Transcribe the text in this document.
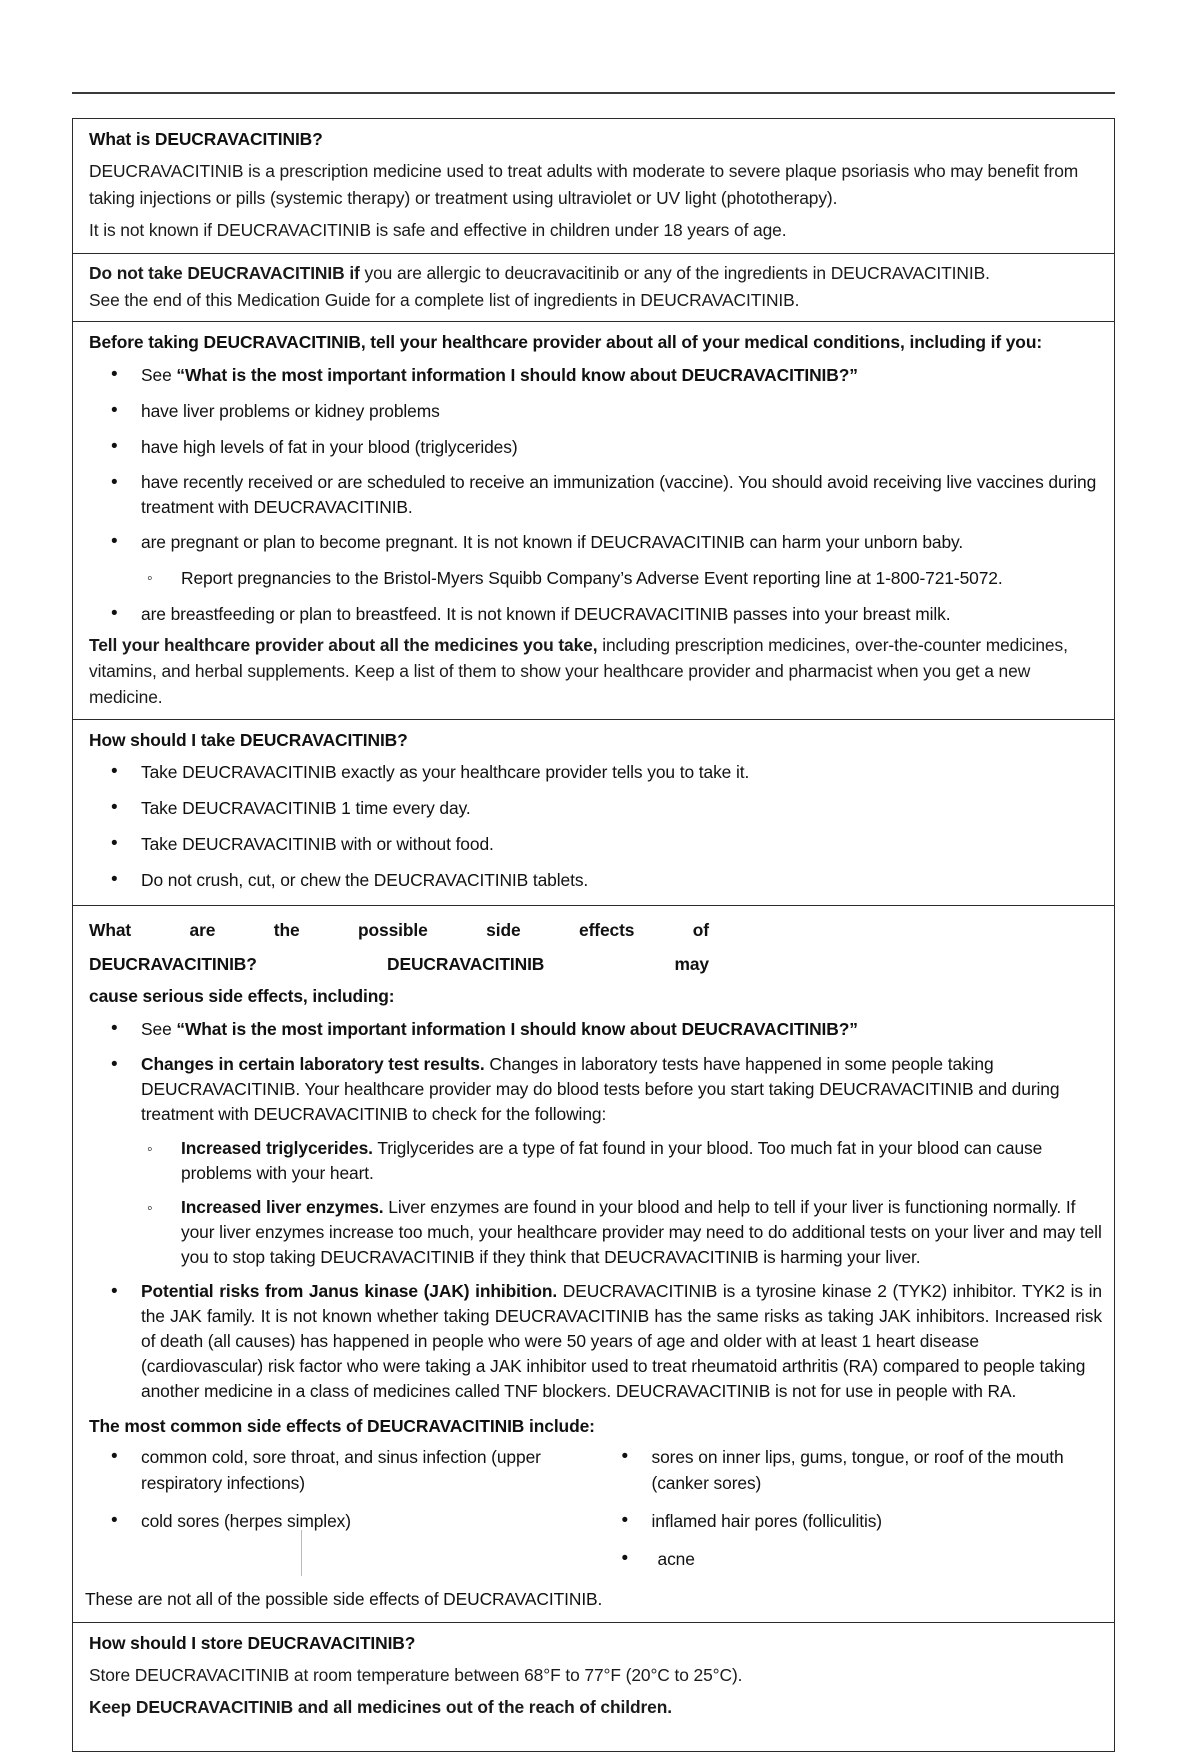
What is DEUCRAVACITINIB?

DEUCRAVACITINIB is a prescription medicine used to treat adults with moderate to severe plaque psoriasis who may benefit from taking injections or pills (systemic therapy) or treatment using ultraviolet or UV light (phototherapy).

It is not known if DEUCRAVACITINIB is safe and effective in children under 18 years of age.

Do not take DEUCRAVACITINIB if you are allergic to deucravacitinib or any of the ingredients in DEUCRAVACITINIB.

See the end of this Medication Guide for a complete list of ingredients in DEUCRAVACITINIB.

Before taking DEUCRAVACITINIB, tell your healthcare provider about all of your medical conditions, including if you:

• See “What is the most important information I should know about DEUCRAVACITINIB?”
• have liver problems or kidney problems
• have high levels of fat in your blood (triglycerides)
• have recently received or are scheduled to receive an immunization (vaccine). You should avoid receiving live vaccines during treatment with DEUCRAVACITINIB.
• are pregnant or plan to become pregnant. It is not known if DEUCRAVACITINIB can harm your unborn baby.
◦ Report pregnancies to the Bristol-Myers Squibb Company’s Adverse Event reporting line at 1-800-721-5072.
• are breastfeeding or plan to breastfeed. It is not known if DEUCRAVACITINIB passes into your breast milk.

Tell your healthcare provider about all the medicines you take, including prescription medicines, over-the-counter medicines, vitamins, and herbal supplements. Keep a list of them to show your healthcare provider and pharmacist when you get a new medicine.

How should I take DEUCRAVACITINIB?

• Take DEUCRAVACITINIB exactly as your healthcare provider tells you to take it.
• Take DEUCRAVACITINIB 1 time every day.
• Take DEUCRAVACITINIB with or without food.
• Do not crush, cut, or chew the DEUCRAVACITINIB tablets.
What are the possible side effects of
DEUCRAVACITINIB? DEUCRAVACITINIB may

cause serious side effects, including:

• See “What is the most important information I should know about DEUCRAVACITINIB?”
• Changes in certain laboratory test results. Changes in laboratory tests have happened in some people taking DEUCRAVACITINIB. Your healthcare provider may do blood tests before you start taking DEUCRAVACITINIB and during treatment with DEUCRAVACITINIB to check for the following:
◦ Increased triglycerides. Triglycerides are a type of fat found in your blood. Too much fat in your blood can cause problems with your heart.
◦ Increased liver enzymes. Liver enzymes are found in your blood and help to tell if your liver is functioning normally. If your liver enzymes increase too much, your healthcare provider may need to do additional tests on your liver and may tell you to stop taking DEUCRAVACITINIB if they think that DEUCRAVACITINIB is harming your liver.
• Potential risks from Janus kinase (JAK) inhibition. DEUCRAVACITINIB is a tyrosine kinase 2 (TYK2) inhibitor. TYK2 is in the JAK family. It is not known whether taking DEUCRAVACITINIB has the same risks as taking JAK inhibitors. Increased risk of death (all causes) has happened in people who were 50 years of age and older with at least 1 heart disease
(cardiovascular) risk factor who were taking a JAK inhibitor used to treat rheumatoid arthritis (RA) compared to people taking another medicine in a class of medicines called TNF blockers. DEUCRAVACITINIB is not for use in people with RA.

The most common side effects of DEUCRAVACITINIB include:

• common cold, sore throat, and sinus infection (upper respiratory infections)
• cold sores (herpes simplex)
• sores on inner lips, gums, tongue, or roof of the mouth (canker sores)
• inflamed hair pores (folliculitis)
• acne

These are not all of the possible side effects of DEUCRAVACITINIB.

How should I store DEUCRAVACITINIB?

Store DEUCRAVACITINIB at room temperature between 68°F to 77°F (20°C to 25°C).

Keep DEUCRAVACITINIB and all medicines out of the reach of children.
